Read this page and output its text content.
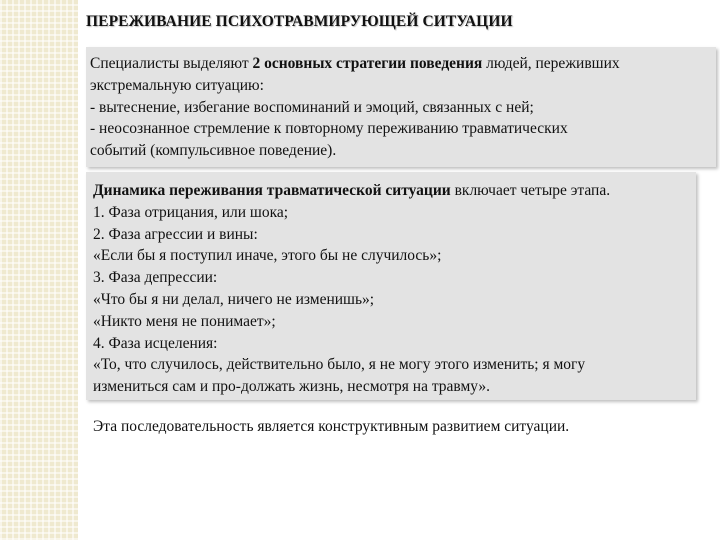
ПЕРЕЖИВАНИЕ ПСИХОТРАВМИРУЮЩЕЙ СИТУАЦИИ
Специалисты выделяют 2 основных стратегии поведения людей, переживших
экстремальную ситуацию:
- вытеснение, избегание воспоминаний и эмоций, связанных с ней;
- неосознанное стремление к повторному переживанию травматических
событий (компульсивное поведение).
Динамика переживания травматической ситуации включает четыре этапа.
1. Фаза отрицания, или шока;
2. Фаза агрессии и вины:
«Если бы я поступил иначе, этого бы не случилось»;
3. Фаза депрессии:
«Что бы я ни делал, ничего не изменишь»;
«Никто меня не понимает»;
4. Фаза исцеления:
«То, что случилось, действительно было, я не могу этого изменить; я могу
измениться сам и про-должать жизнь, несмотря на травму».

Эта последовательность является конструктивным развитием ситуации.
